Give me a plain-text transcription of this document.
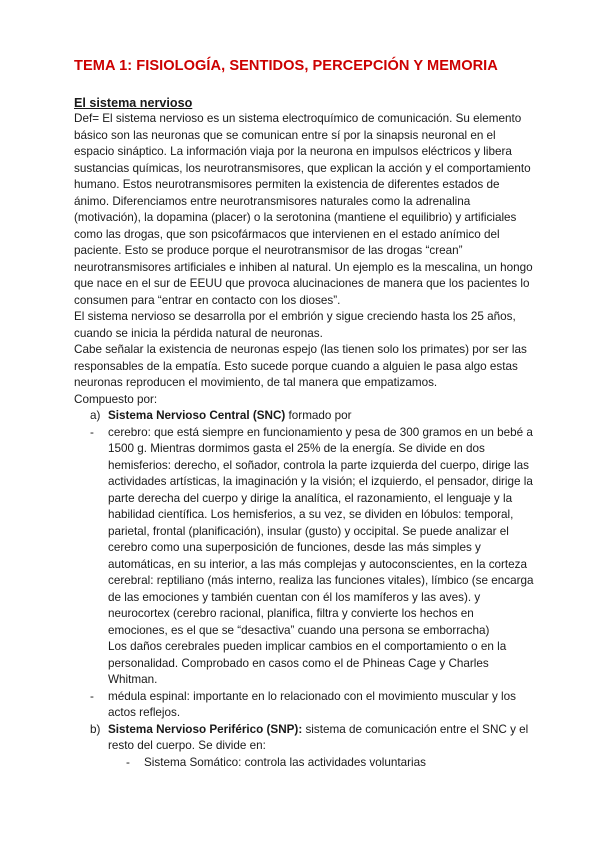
TEMA 1: FISIOLOGÍA, SENTIDOS, PERCEPCIÓN Y MEMORIA
El sistema nervioso

Def= El sistema nervioso es un sistema electroquímico de comunicación. Su elemento básico son las neuronas que se comunican entre sí por la sinapsis neuronal en el espacio sináptico. La información viaja por la neurona en impulsos eléctricos y libera sustancias químicas, los neurotransmisores, que explican la acción y el comportamiento humano. Estos neurotransmisores permiten la existencia de diferentes estados de ánimo. Diferenciamos entre neurotransmisores naturales como la adrenalina (motivación), la dopamina (placer) o la serotonina (mantiene el equilibrio) y artificiales como las drogas, que son psicofármacos que intervienen en el estado anímico del paciente. Esto se produce porque el neurotransmisor de las drogas “crean” neurotransmisores artificiales e inhiben al natural. Un ejemplo es la mescalina, un hongo que nace en el sur de EEUU que provoca alucinaciones de manera que los pacientes lo consumen para “entrar en contacto con los dioses”.

El sistema nervioso se desarrolla por el embrión y sigue creciendo hasta los 25 años, cuando se inicia la pérdida natural de neuronas.

Cabe señalar la existencia de neuronas espejo (las tienen solo los primates) por ser las responsables de la empatía. Esto sucede porque cuando a alguien le pasa algo estas neuronas reproducen el movimiento, de tal manera que empatizamos.

Compuesto por:

a) Sistema Nervioso Central (SNC) formado por
- cerebro: que está siempre en funcionamiento y pesa de 300 gramos en un bebé a 1500 g. Mientras dormimos gasta el 25% de la energía. Se divide en dos hemisferios: derecho, el soñador, controla la parte izquierda del cuerpo, dirige las actividades artísticas, la imaginación y la visión; el izquierdo, el pensador, dirige la parte derecha del cuerpo y dirige la analítica, el razonamiento, el lenguaje y la habilidad científica. Los hemisferios, a su vez, se dividen en lóbulos: temporal, parietal, frontal (planificación), insular (gusto) y occipital. Se puede analizar el cerebro como una superposición de funciones, desde las más simples y automáticas, en su interior, a las más complejas y autoconscientes, en la corteza cerebral: reptiliano (más interno, realiza las funciones vitales), límbico (se encarga de las emociones y también cuentan con él los mamíferos y las aves). y neurocortex (cerebro racional, planifica, filtra y convierte los hechos en emociones, es el que se “desactiva” cuando una persona se emborracha)
Los daños cerebrales pueden implicar cambios en el comportamiento o en la personalidad. Comprobado en casos como el de Phineas Cage y Charles Whitman.
- médula espinal: importante en lo relacionado con el movimiento muscular y los actos reflejos.
b) Sistema Nervioso Periférico (SNP): sistema de comunicación entre el SNC y el resto del cuerpo. Se divide en:
- Sistema Somático: controla las actividades voluntarias
